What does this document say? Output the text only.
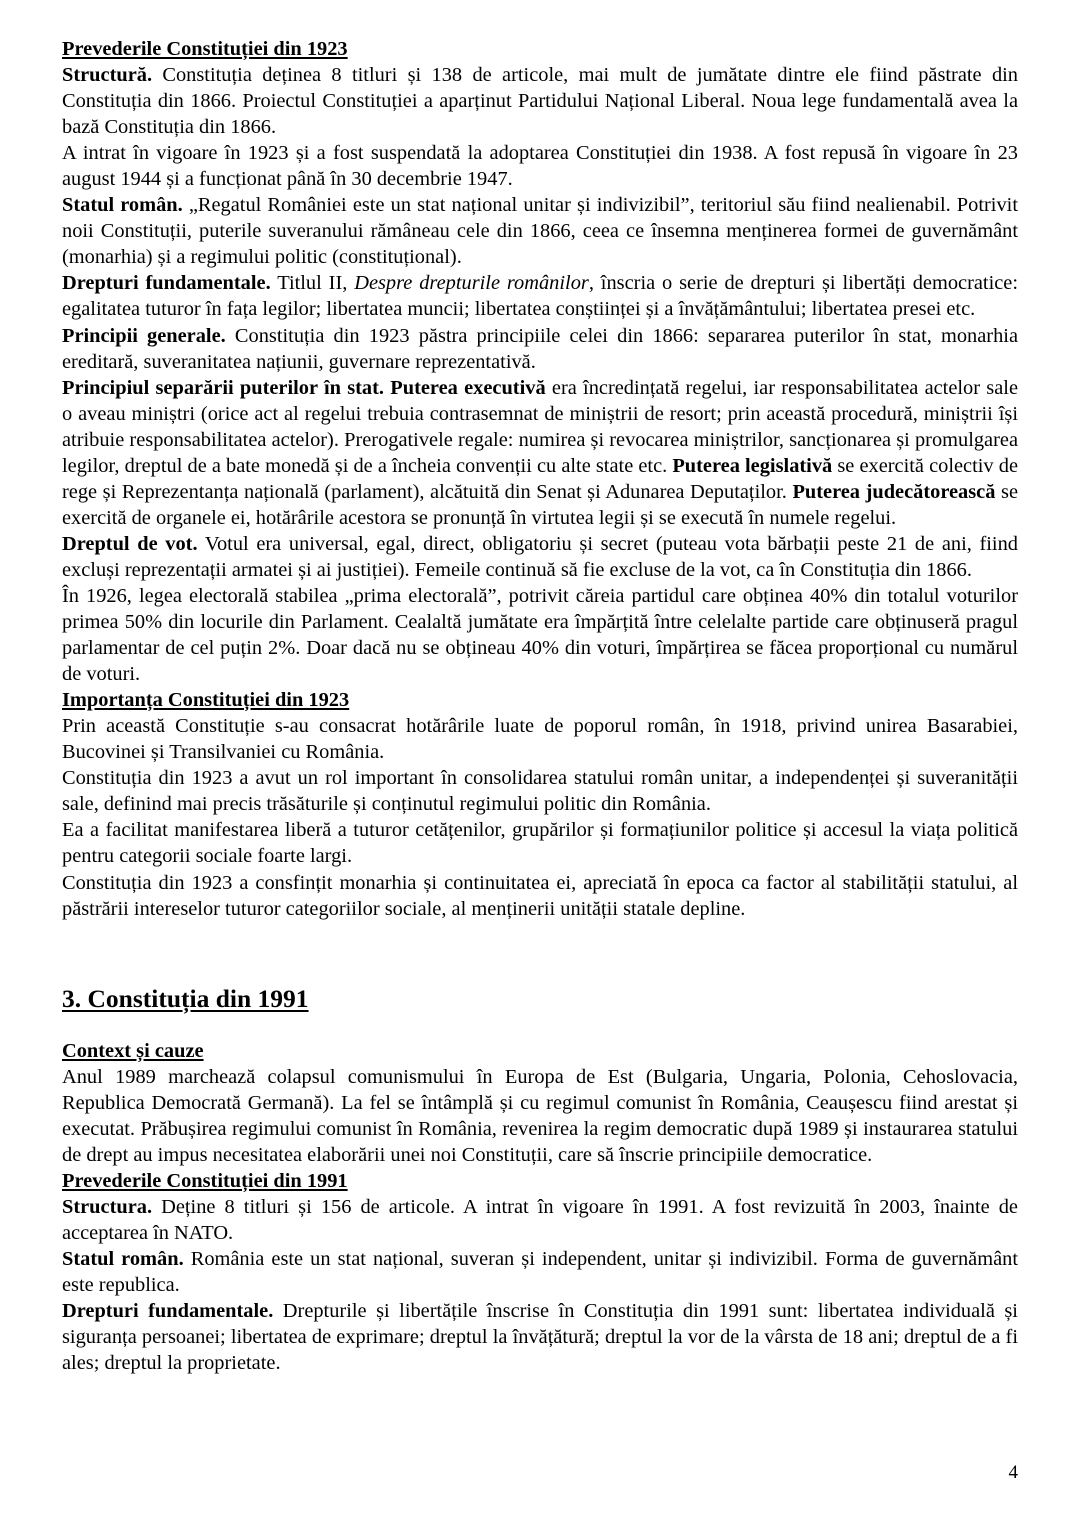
Prevederile Constituției din 1923

Structură. Constituția deținea 8 titluri și 138 de articole, mai mult de jumătate dintre ele fiind păstrate din Constituția din 1866. Proiectul Constituției a aparținut Partidului Național Liberal. Noua lege fundamentală avea la bază Constituția din 1866.

A intrat în vigoare în 1923 și a fost suspendată la adoptarea Constituției din 1938. A fost repusă în vigoare în 23 august 1944 și a funcționat până în 30 decembrie 1947.

Statul român. „Regatul României este un stat național unitar și indivizibil”, teritoriul său fiind nealienabil. Potrivit noii Constituții, puterile suveranului rămâneau cele din 1866, ceea ce însemna menținerea formei de guvernământ (monarhia) și a regimului politic (constituțional).

Drepturi fundamentale. Titlul II, Despre drepturile românilor, înscria o serie de drepturi și libertăți democratice: egalitatea tuturor în fața legilor; libertatea muncii; libertatea conștiinței și a învățământului; libertatea presei etc.

Principii generale. Constituția din 1923 păstra principiile celei din 1866: separarea puterilor în stat, monarhia ereditară, suveranitatea națiunii, guvernare reprezentativă.

Principiul separării puterilor în stat. Puterea executivă era încredințată regelui, iar responsabilitatea actelor sale o aveau miniștri (orice act al regelui trebuia contrasemnat de miniștrii de resort; prin această procedură, miniștrii își atribuie responsabilitatea actelor). Prerogativele regale: numirea și revocarea miniștrilor, sancționarea și promulgarea legilor, dreptul de a bate monedă și de a încheia convenții cu alte state etc. Puterea legislativă se exercită colectiv de rege și Reprezentanța națională (parlament), alcătuită din Senat și Adunarea Deputaților. Puterea judecătorească se exercită de organele ei, hotărârile acestora se pronunță în virtutea legii și se execută în numele regelui.

Dreptul de vot. Votul era universal, egal, direct, obligatoriu și secret (puteau vota bărbații peste 21 de ani, fiind excluși reprezentații armatei și ai justiției). Femeile continuă să fie excluse de la vot, ca în Constituția din 1866.

În 1926, legea electorală stabilea „prima electorală”, potrivit căreia partidul care obținea 40% din totalul voturilor primea 50% din locurile din Parlament. Cealaltă jumătate era împărțită între celelalte partide care obținuseră pragul parlamentar de cel puțin 2%. Doar dacă nu se obțineau 40% din voturi, împărțirea se făcea proporțional cu numărul de voturi.

Importanța Constituției din 1923

Prin această Constituție s-au consacrat hotărârile luate de poporul român, în 1918, privind unirea Basarabiei, Bucovinei și Transilvaniei cu România.

Constituția din 1923 a avut un rol important în consolidarea statului român unitar, a independenței și suveranității sale, definind mai precis trăsăturile și conținutul regimului politic din România.

Ea a facilitat manifestarea liberă a tuturor cetățenilor, grupărilor și formațiunilor politice și accesul la viața politică pentru categorii sociale foarte largi.

Constituția din 1923 a consfințit monarhia și continuitatea ei, apreciată în epoca ca factor al stabilității statului, al păstrării intereselor tuturor categoriilor sociale, al menținerii unității statale depline.

3. Constituția din 1991
Context și cauze

Anul 1989 marchează colapsul comunismului în Europa de Est (Bulgaria, Ungaria, Polonia, Cehoslovacia, Republica Democrată Germană). La fel se întâmplă și cu regimul comunist în România, Ceaușescu fiind arestat și executat. Prăbușirea regimului comunist în România, revenirea la regim democratic după 1989 și instaurarea statului de drept au impus necesitatea elaborării unei noi Constituții, care să înscrie principiile democratice.

Prevederile Constituției din 1991

Structura. Deține 8 titluri și 156 de articole. A intrat în vigoare în 1991. A fost revizuită în 2003, înainte de acceptarea în NATO.

Statul român. România este un stat național, suveran și independent, unitar și indivizibil. Forma de guvernământ este republica.

Drepturi fundamentale. Drepturile și libertățile înscrise în Constituția din 1991 sunt: libertatea individuală și siguranța persoanei; libertatea de exprimare; dreptul la învățătură; dreptul la vor de la vârsta de 18 ani; dreptul de a fi ales; dreptul la proprietate.

4
